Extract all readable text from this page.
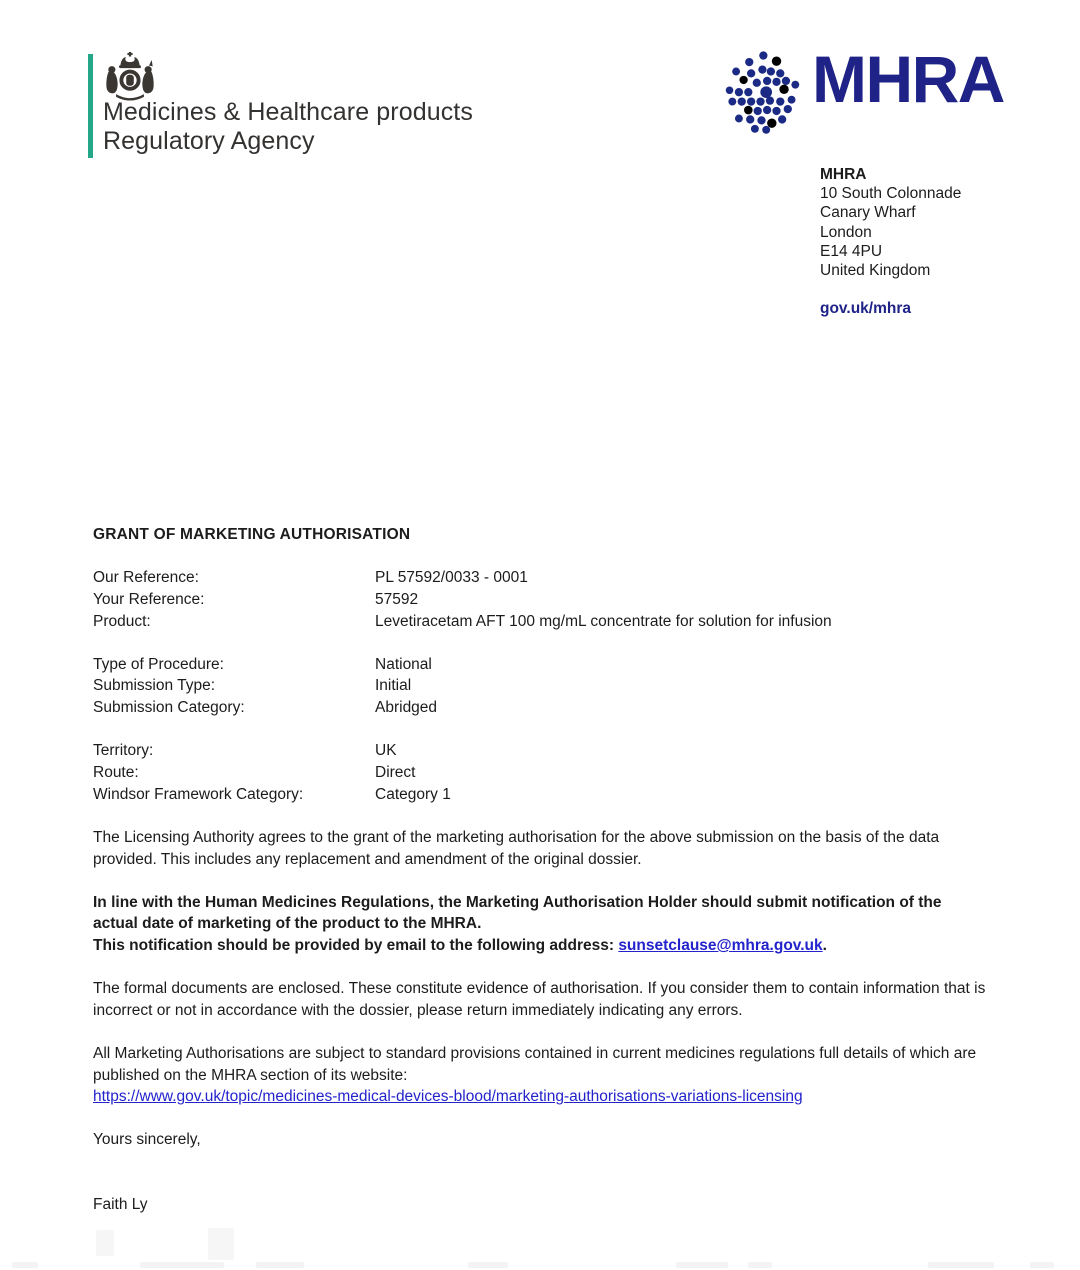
Medicines & Healthcare products
Regulatory Agency
MHRA
MHRA
10 South Colonnade
Canary Wharf
London
E14 4PU
United Kingdom
gov.uk/mhra
GRANT OF MARKETING AUTHORISATION
Our Reference:	PL 57592/0033 - 0001
Your Reference:	57592
Product:	Levetiracetam AFT 100 mg/mL concentrate for solution for infusion
Type of Procedure:	National
Submission Type:	Initial
Submission Category:	Abridged
Territory:	UK
Route:	Direct
Windsor Framework Category:	Category 1
The Licensing Authority agrees to the grant of the marketing authorisation for the above submission on the basis of the data provided. This includes any replacement and amendment of the original dossier.
In line with the Human Medicines Regulations, the Marketing Authorisation Holder should submit notification of the actual date of marketing of the product to the MHRA.
This notification should be provided by email to the following address: sunsetclause@mhra.gov.uk.
The formal documents are enclosed. These constitute evidence of authorisation. If you consider them to contain information that is incorrect or not in accordance with the dossier, please return immediately indicating any errors.
All Marketing Authorisations are subject to standard provisions contained in current medicines regulations full details of which are published on the MHRA section of its website:
https://www.gov.uk/topic/medicines-medical-devices-blood/marketing-authorisations-variations-licensing
Yours sincerely,
Faith Ly
